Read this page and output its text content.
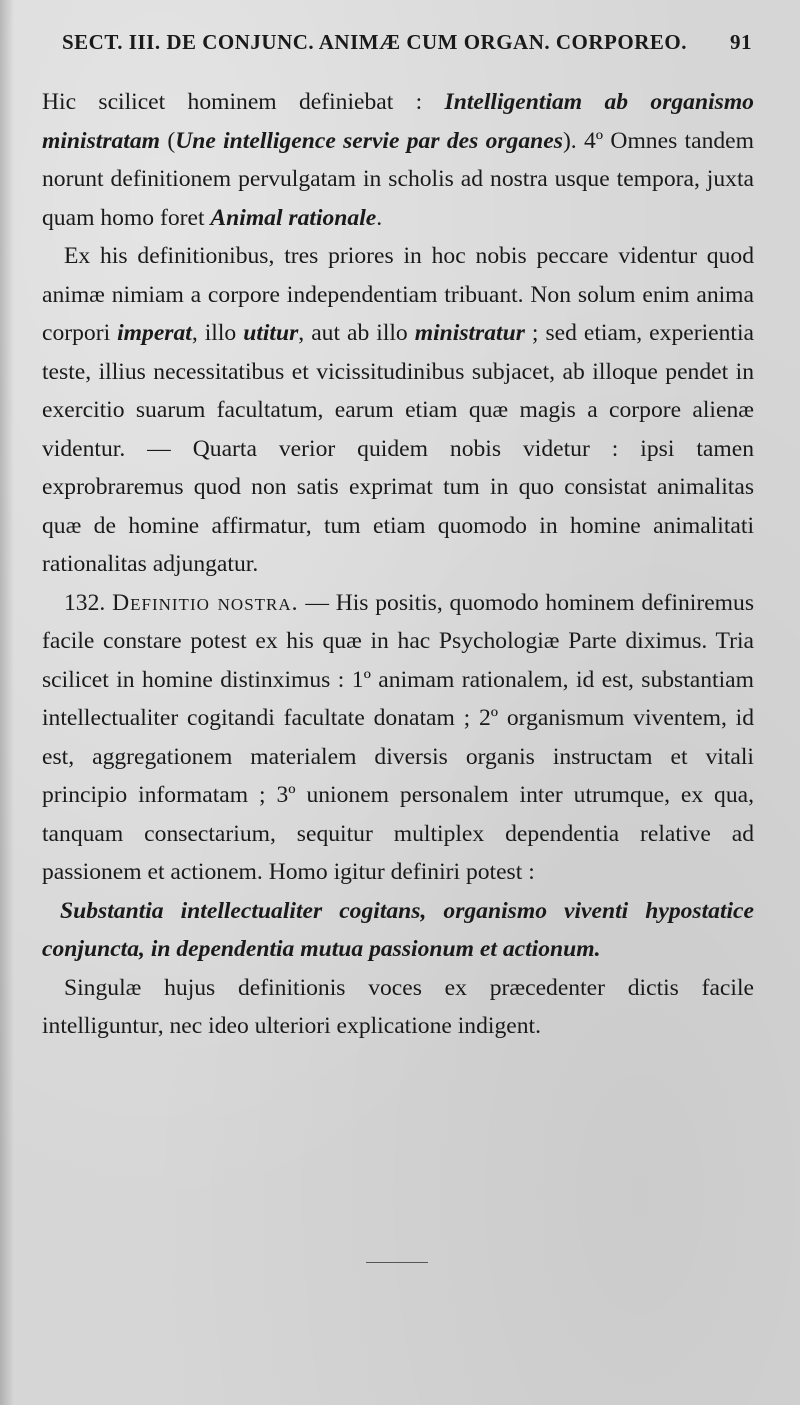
SECT. III. DE CONJUNC. ANIMÆ CUM ORGAN. CORPOREO. 91

Hic scilicet hominem definiebat : Intelligentiam ab organismo ministratam (Une intelligence servie par des organes). 4º Omnes tandem norunt definitionem pervulgatam in scholis ad nostra usque tempora, juxta quam homo foret Animal rationale.

Ex his definitionibus, tres priores in hoc nobis peccare videntur quod animæ nimiam a corpore independentiam tribuant. Non solum enim anima corpori imperat, illo utitur, aut ab illo ministratur ; sed etiam, experientia teste, illius necessitatibus et vicissitudinibus subjacet, ab illoque pendet in exercitio suarum facultatum, earum etiam quæ magis a corpore alienæ videntur. — Quarta verior quidem nobis videtur : ipsi tamen exprobraremus quod non satis exprimat tum in quo consistat animalitas quæ de homine affirmatur, tum etiam quomodo in homine animalitati rationalitas adjungatur.

132. Definitio nostra. — His positis, quomodo hominem definiremus facile constare potest ex his quæ in hac Psychologiæ Parte diximus. Tria scilicet in homine distinximus : 1º animam rationalem, id est, substantiam intellectualiter cogitandi facultate donatam ; 2º organismum viventem, id est, aggregationem materialem diversis organis instructam et vitali principio informatam ; 3º unionem personalem inter utrumque, ex qua, tanquam consectarium, sequitur multiplex dependentia relative ad passionem et actionem. Homo igitur definiri potest :

Substantia intellectualiter cogitans, organismo viventi hypostatice conjuncta, in dependentia mutua passionum et actionum.

Singulæ hujus definitionis voces ex præcedenter dictis facile intelliguntur, nec ideo ulteriori explicatione indigent.
